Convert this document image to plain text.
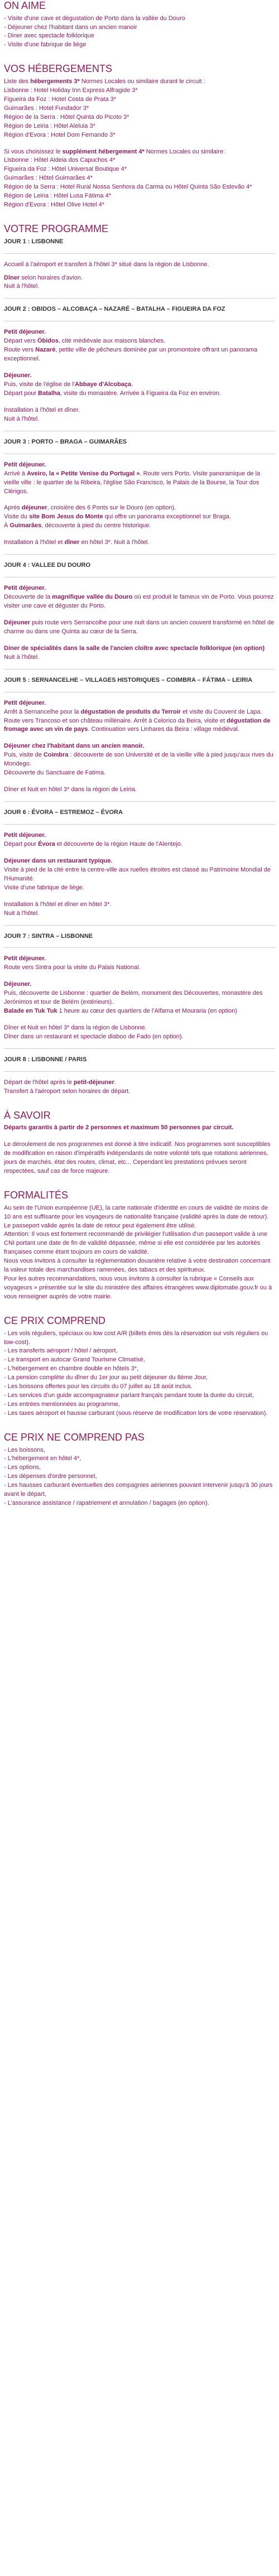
ON AIME
- Visite d'une cave et dégustation de Porto dans la vallée du Douro
- Déjeuner chez l'habitant dans un ancien manoir
- Diner avec spectacle folklorique
- Visite d'une fabrique de liège
VOS HÉBERGEMENTS

Liste des hébergements 3* Normes Locales ou similaire durant le circuit :

Lisbonne : Hotel Holiday Inn Express Alfragide 3*
Figueira da Foz : Hotel Costa de Prata 3*
Guimarães : Hotel Fundador 3*
Région de la Serra : Hôtel Quinta do Picoto 3*
Région de Leiria : Hôtel Aleluia 3*
Région d'Evora : Hotel Dom Fernando 3*

Si vous choisissez le supplément hébergement 4* Normes Locales ou similaire:

Lisbonne : Hôtel Aldeia dos Capuchos 4*
Figueira da Foz : Hôtel Universal Boutique 4*
Guimarães : Hôtel Guimarães 4*
Région de la Serra : Hotel Rural Nossa Senhora da Carma ou Hôtel Quinta São Estevão 4*
Région de Leiria : Hôtel Lusa Fátima 4*
Région d'Evora : Hôtel Olive Hotel 4*
VOTRE PROGRAMME

JOUR 1 : LISBONNE

Accueil à l'aéroport et transfert à l'hôtel 3* situé dans la région de Lisbonne.

Dîner selon horaires d'avion.

Nuit à l'hôtel.

JOUR 2 : OBIDOS – ALCOBAÇA – NAZARÉ – BATALHA – FIGUEIRA DA FOZ

Petit déjeuner.

Départ vers Óbidos, cité médiévale aux maisons blanches.

Route vers Nazaré, petite ville de pêcheurs dominée par un promontoire offrant un panorama exceptionnel.

Déjeuner.

Puis, visite de l'église de l'Abbaye d'Alcobaça.

Départ pour Batalha, visite du monastère. Arrivée à Figueira da Foz en environ.

Installation à l'hôtel et dîner.

Nuit à l'hôtel.

JOUR 3 : PORTO – BRAGA – GUIMARÃES

Petit déjeuner.

Arrivé à Aveiro, la « Petite Venise du Portugal ». Route vers Porto. Visite panoramique de la vieille ville : le quartier de la Ribeira, l'église São Francisco, le Palais de la Bourse, la Tour dos Clérigos.

Après déjeuner, croisière des 6 Ponts sur le Douro (en option).

Visite du site Bom Jesus do Monte qui offre un panorama exceptionnel sur Braga.

À Guimarães, découverte à pied du centre historique.

Installation à l'hôtel et dîner en hôtel 3*. Nuit à l'hôtel.

JOUR 4 : VALLEE DU DOURO

Petit déjeuner.

Découverte de la magnifique vallée du Douro où est produit le fameux vin de Porto. Vous pourrez visiter une cave et déguster du Porto.

Déjeuner puis route vers Serrancolhe pour une nuit dans un ancien couvent transformé en hôtel de charme ou dans une Quinta au cœur de la Serra.

Diner de spécialités dans la salle de l'ancien cloître avec spectacle folklorique (en option)

Nuit à l'hôtel.

JOUR 5 : SERNANCELHE – VILLAGES HISTORIQUES – COIMBRA – FÁTIMA – LEIRIA

Petit déjeuner.

Arrêt à Sernancelhe pour la dégustation de produits du Terroir et visite du Couvent de Lapa. Route vers Trancoso et son château millénaire. Arrêt à Celorico da Beira, visite et dégustation de fromage avec un vin de pays. Continuation vers Linhares da Beira : village médiéval.

Déjeuner chez l'habitant dans un ancien manoir.

Puis, visite de Coimbra : découverte de son Université et de la vieille ville à pied jusqu'aux rives du Mondego.

Découverte du Sanctuaire de Fatima.

Dîner et Nuit en hôtel 3* dans la région de Leiria.

JOUR 6 : ÉVORA – ESTREMOZ – ÉVORA

Petit déjeuner.

Départ pour Évora et découverte de la région Haute de l'Alentejo.

Déjeuner dans un restaurant typique.

Visite à pied de la cité entre la centre-ville aux ruelles étroites est classé au Patrimoine Mondial de l'Humanité.

Visite d'une fabrique de liège.

Installation à l'hôtel et dîner en hôtel 3*.

Nuit à l'hôtel.

JOUR 7 : SINTRA – LISBONNE

Petit déjeuner.

Route vers Sintra pour la visite du Palais National.

Déjeuner.

Puis, découverte de Lisbonne : quartier de Belém, monument des Découvertes, monastère des Jerónimos et tour de Belém (extérieurs).

Balade en Tuk Tuk 1 heure au cœur des quartiers de l'Alfama et Mouraria (en option)

Dîner et Nuit en hôtel 3* dans la région de Lisbonne.

Dîner dans un restaurant et spectacle diaboo de Fado (en option).

JOUR 8 : LISBONNE / PARIS

Départ de l'hôtel après le petit-déjeuner.

Transfert à l'aéroport selon horaires de départ.

À SAVOIR

Départs garantis à partir de 2 personnes et maximum 50 personnes par circuit.

Le déroulement de nos programmes est donné à titre indicatif. Nos programmes sont susceptibles de modification en raison d'impératifs indépendants de notre volonté tels que rotations aériennes, jours de marchés, état des routes, climat, etc... Cependant les prestations prévues seront respectées, sauf cas de force majeure.

FORMALITÉS

Au sein de l'Union européenne (UE), la carte nationale d'identité en cours de validité de moins de 10 ans est suffisante pour les voyageurs de nationalité française (validité après la date de retour). Le passeport valide après la date de retour peut également être utilisé.

Attention: Il vous est fortement recommandé de privilégier l'utilisation d'un passeport valide à une CNI portant une date de fin de validité dépassée, même si elle est considérée par les autorités françaises comme étant toujours en cours de validité.

Nous vous invitons à consulter la réglementation douanière relative à votre destination concernant la valeur totale des marchandises ramenées, des tabacs et des spiritueux.

Pour les autres recommandations, nous vous invitons à consulter la rubrique « Conseils aux voyageurs » présentée sur le site du ministère des affaires étrangères www.diplomatie.gouv.fr ou à vous renseigner auprès de votre mairie.

CE PRIX COMPREND
- Les vols réguliers, spéciaux ou low cost A/R (billets émis dès la réservation sur vols réguliers ou low-cost).
- Les transferts aéroport / hôtel / aéroport,
- Le transport en autocar Grand Tourisme Climatisé,
- L'hébergement en chambre double en hôtels 3*,
- La pension complète du dîner du 1er jour au petit déjeuner du 8ème Jour,
- Les boissons offertes pour les circuits du 07 juillet au 18 août inclus.
- Les services d'un guide accompagnateur parlant français pendant toute la durée du circuit,
- Les entrées mentionnées au programme,
- Les taxes aéroport et hausse carburant (sous réserve de modification lors de votre réservation).
CE PRIX NE COMPREND PAS
- Les boissons,
- L'hébergement en hôtel 4*,
- Les options,
- Les dépenses d'ordre personnel,
- Les hausses carburant éventuelles des compagnies aériennes pouvant intervenir jusqu'à 30 jours avant le départ,
- L'assurance assistance / rapatriement et annulation / bagages (en option).
